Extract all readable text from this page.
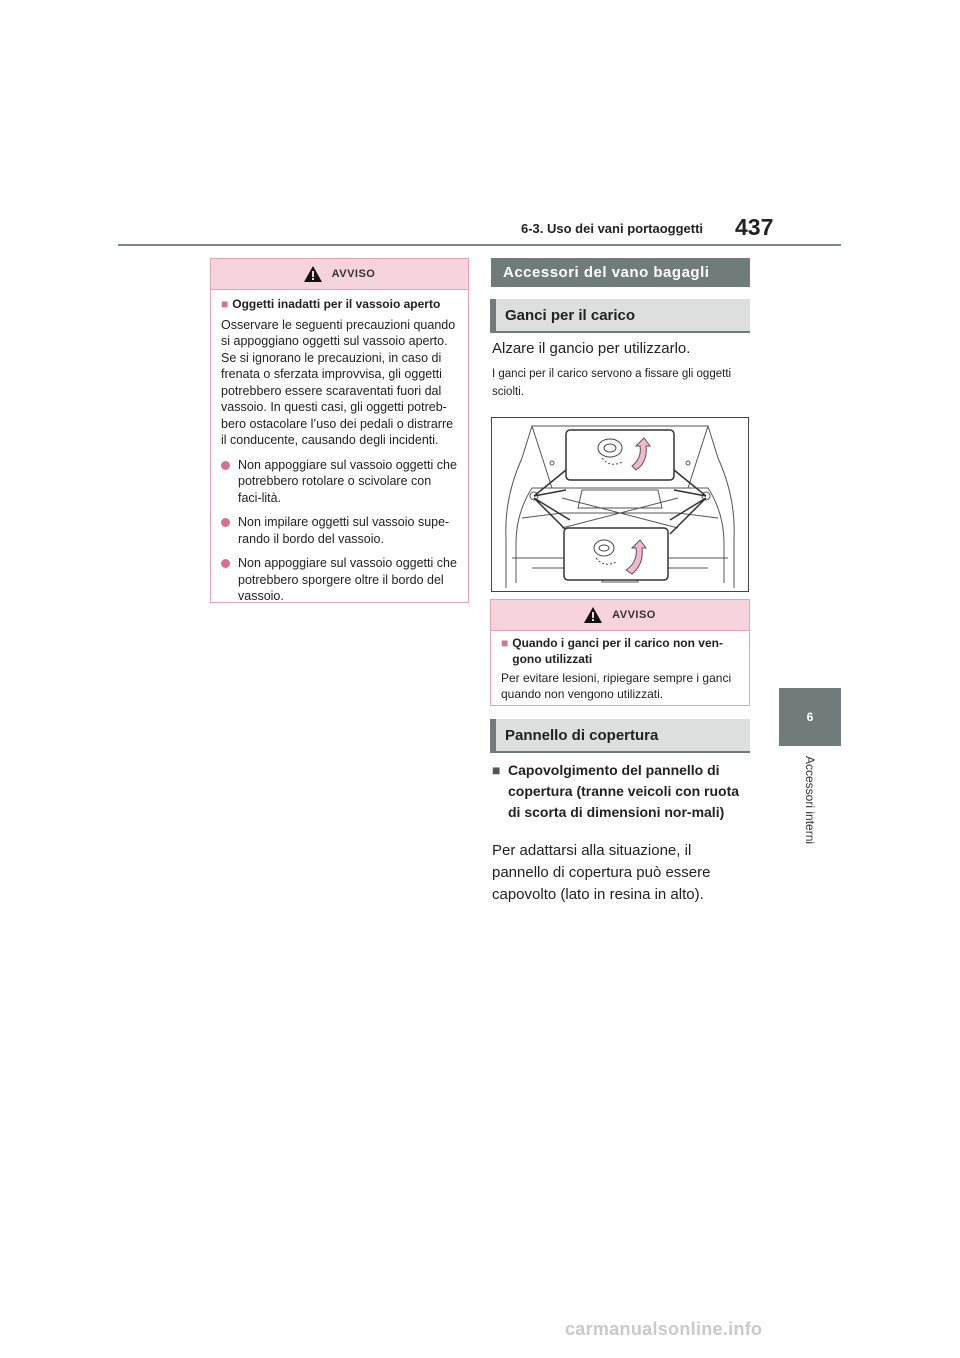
6-3. Uso dei vani portaoggetti 437
6
Accessori interni
AVVISO
■ Oggetti inadatti per il vassoio aperto
Osservare le seguenti precauzioni quando si appoggiano oggetti sul vassoio aperto. Se si ignorano le precauzioni, in caso di frenata o sferzata improvvisa, gli oggetti potrebbero essere scaraventati fuori dal vassoio. In questi casi, gli oggetti potreb-bero ostacolare l’uso dei pedali o distrarre il conducente, causando degli incidenti.
Non appoggiare sul vassoio oggetti che potrebbero rotolare o scivolare con faci-lità.
Non impilare oggetti sul vassoio supe-rando il bordo del vassoio.
Non appoggiare sul vassoio oggetti che potrebbero sporgere oltre il bordo del vassoio.
Accessori del vano bagagli
Ganci per il carico
Alzare il gancio per utilizzarlo.
I ganci per il carico servono a fissare gli oggetti sciolti.
AVVISO
■ Quando i ganci per il carico non ven-gono utilizzati
Per evitare lesioni, ripiegare sempre i ganci quando non vengono utilizzati.
Pannello di copertura
■ Capovolgimento del pannello di copertura (tranne veicoli con ruota di scorta di dimensioni nor-mali)
Per adattarsi alla situazione, il pannello di copertura può essere capovolto (lato in resina in alto).
carmanualsonline.info
